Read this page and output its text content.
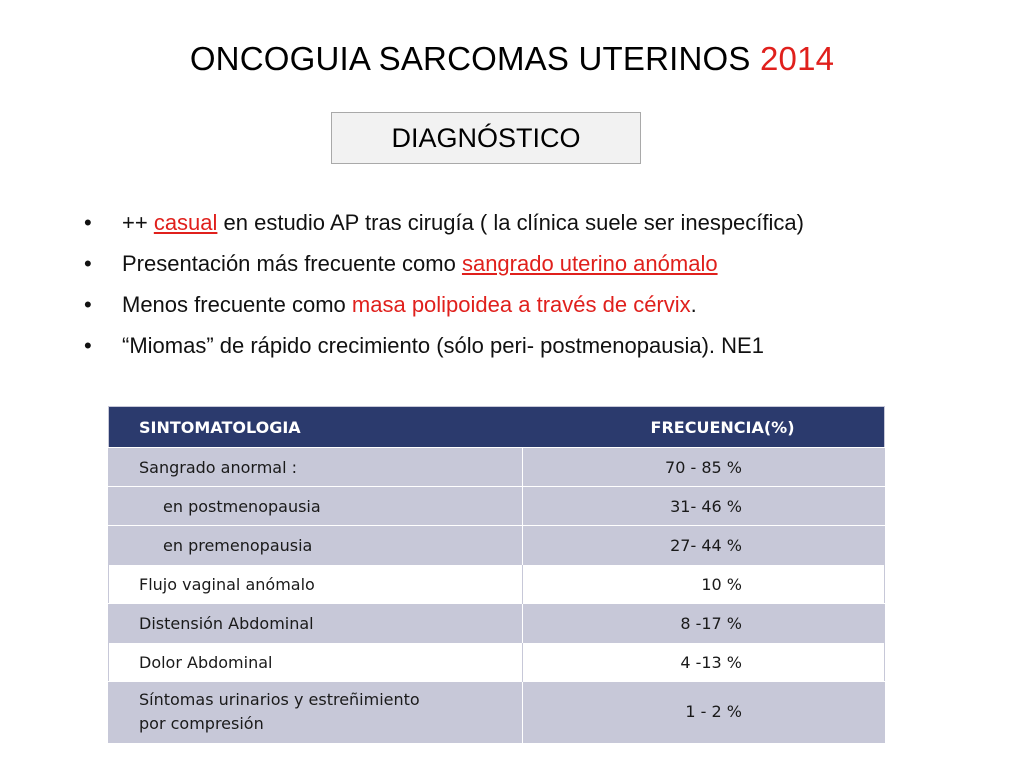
ONCOGUIA SARCOMAS UTERINOS 2014
DIAGNÓSTICO
• ++ casual en estudio AP tras cirugía ( la clínica suele ser inespecífica)
• Presentación más frecuente como sangrado uterino anómalo
• Menos frecuente como masa polipoidea a través de cérvix.
• “Miomas” de rápido crecimiento (sólo peri- postmenopausia). NE1
SINTOMATOLOGIA	FRECUENCIA(%)
Sangrado anormal :	70 - 85 %
en postmenopausia	31- 46 %
en premenopausia	27- 44 %
Flujo vaginal anómalo	10 %
Distensión Abdominal	8 -17 %
Dolor Abdominal	4 -13 %
Síntomas urinarios y estreñimiento
por compresión	1 - 2 %
